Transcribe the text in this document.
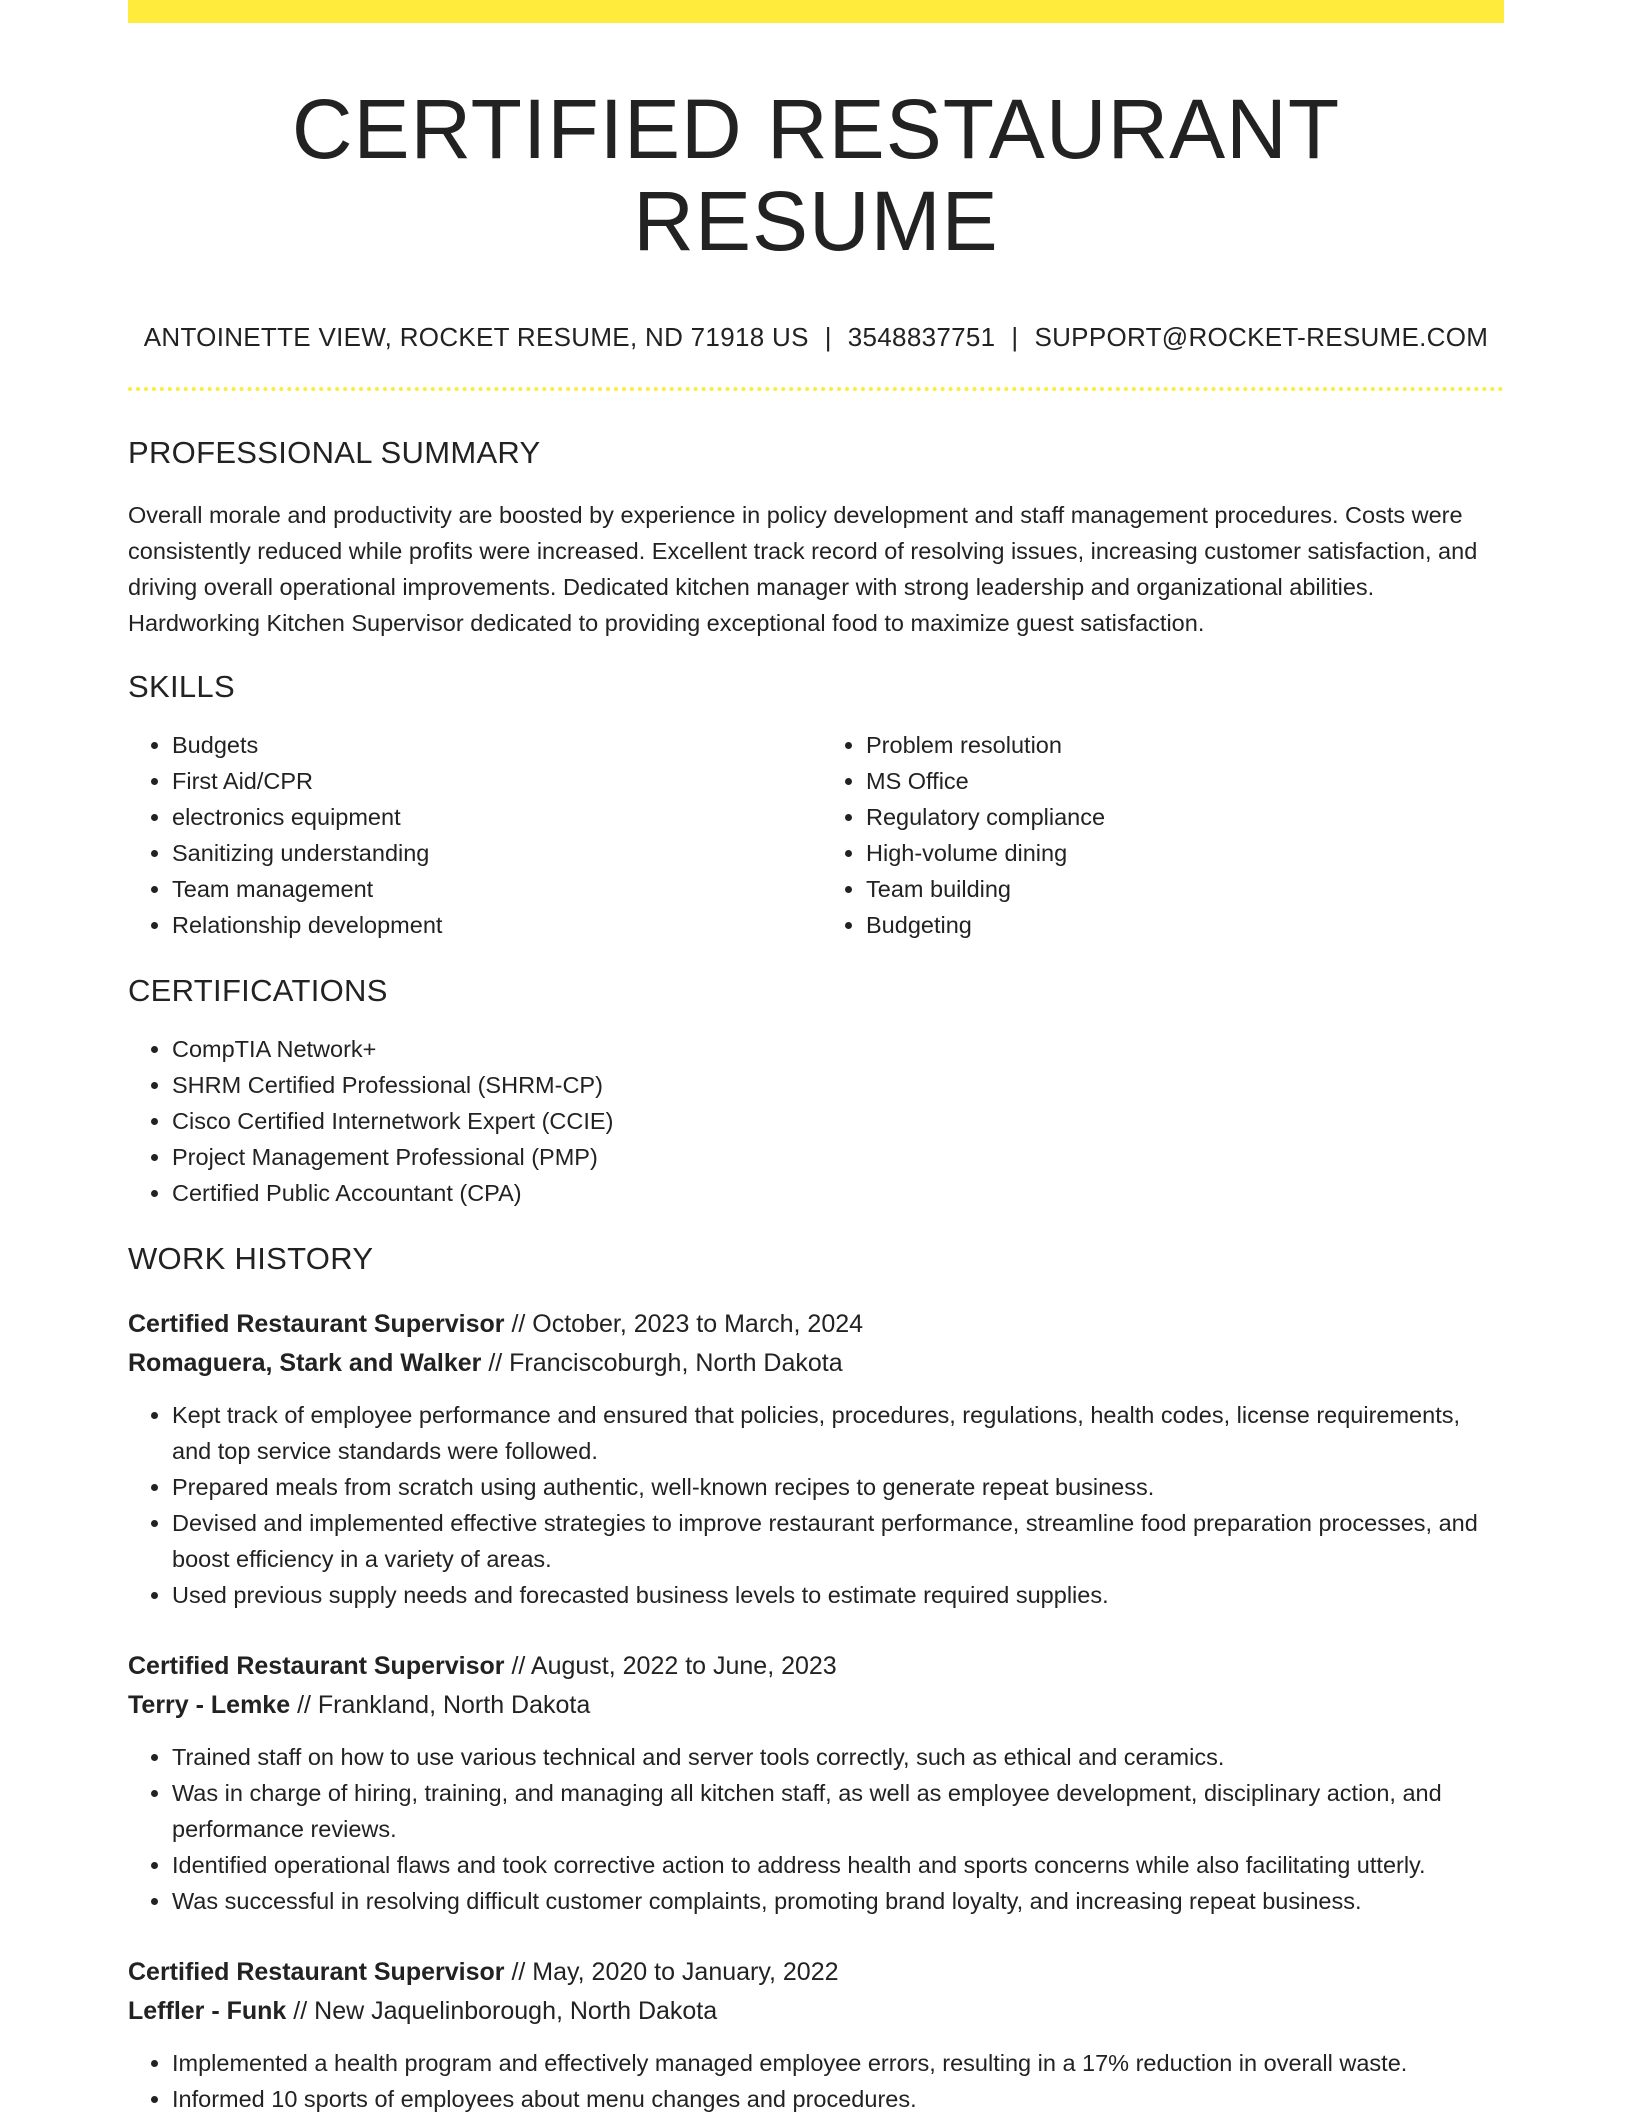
CERTIFIED RESTAURANT RESUME
ANTOINETTE VIEW, ROCKET RESUME, ND 71918 US | 3548837751 | SUPPORT@ROCKET-RESUME.COM
PROFESSIONAL SUMMARY

Overall morale and productivity are boosted by experience in policy development and staff management procedures. Costs were consistently reduced while profits were increased. Excellent track record of resolving issues, increasing customer satisfaction, and driving overall operational improvements. Dedicated kitchen manager with strong leadership and organizational abilities. Hardworking Kitchen Supervisor dedicated to providing exceptional food to maximize guest satisfaction.

SKILLS
• Budgets
• First Aid/CPR
• electronics equipment
• Sanitizing understanding
• Team management
• Relationship development
• Problem resolution
• MS Office
• Regulatory compliance
• High-volume dining
• Team building
• Budgeting
CERTIFICATIONS
• CompTIA Network+
• SHRM Certified Professional (SHRM-CP)
• Cisco Certified Internetwork Expert (CCIE)
• Project Management Professional (PMP)
• Certified Public Accountant (CPA)
WORK HISTORY
Certified Restaurant Supervisor // October, 2023 to March, 2024
Romaguera, Stark and Walker // Franciscoburgh, North Dakota
• Kept track of employee performance and ensured that policies, procedures, regulations, health codes, license requirements, and top service standards were followed.
• Prepared meals from scratch using authentic, well-known recipes to generate repeat business.
• Devised and implemented effective strategies to improve restaurant performance, streamline food preparation processes, and boost efficiency in a variety of areas.
• Used previous supply needs and forecasted business levels to estimate required supplies.
Certified Restaurant Supervisor // August, 2022 to June, 2023
Terry - Lemke // Frankland, North Dakota
• Trained staff on how to use various technical and server tools correctly, such as ethical and ceramics.
• Was in charge of hiring, training, and managing all kitchen staff, as well as employee development, disciplinary action, and performance reviews.
• Identified operational flaws and took corrective action to address health and sports concerns while also facilitating utterly.
• Was successful in resolving difficult customer complaints, promoting brand loyalty, and increasing repeat business.
Certified Restaurant Supervisor // May, 2020 to January, 2022
Leffler - Funk // New Jaquelinborough, North Dakota
• Implemented a health program and effectively managed employee errors, resulting in a 17% reduction in overall waste.
• Informed 10 sports of employees about menu changes and procedures.
